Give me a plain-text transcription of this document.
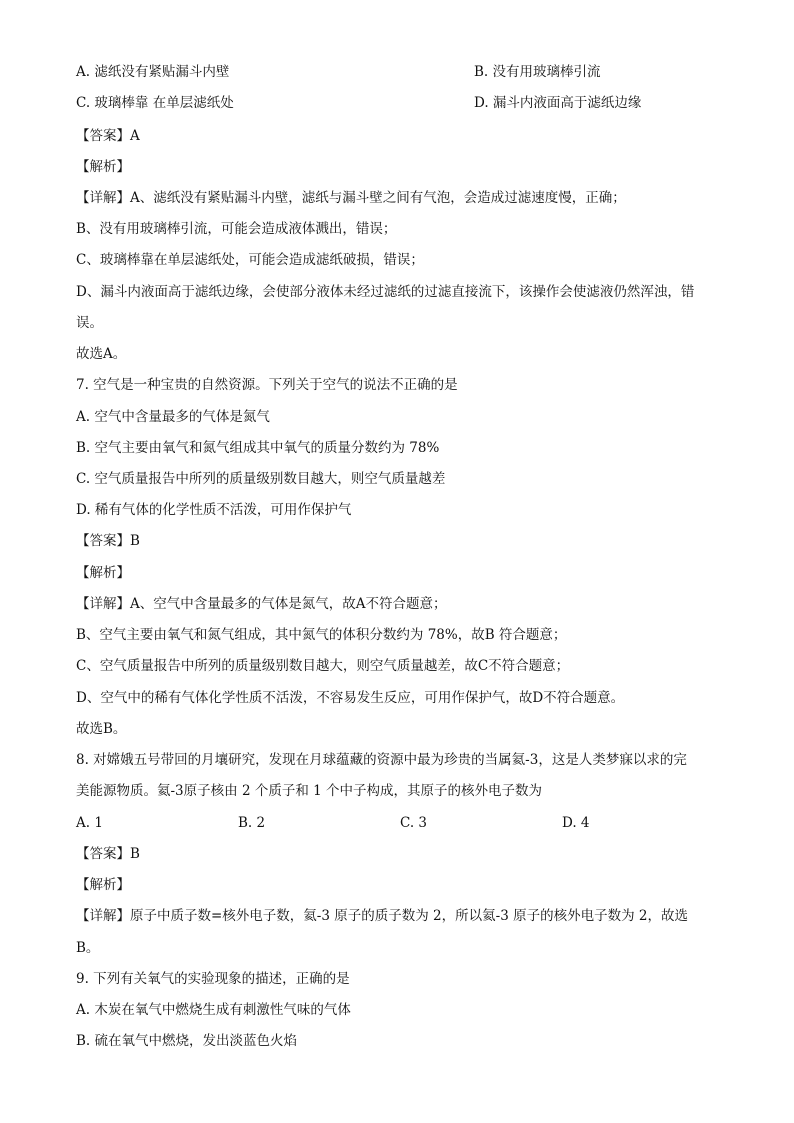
A. 滤纸没有紧贴漏斗内壁	B. 没有用玻璃棒引流
C. 玻璃棒靠 在单层滤纸处	D. 漏斗内液面高于滤纸边缘
【答案】A
【解析】
【详解】A、滤纸没有紧贴漏斗内壁，滤纸与漏斗壁之间有气泡，会造成过滤速度慢，正确；
B、没有用玻璃棒引流，可能会造成液体溅出，错误；
C、玻璃棒靠在单层滤纸处，可能会造成滤纸破损，错误；
D、漏斗内液面高于滤纸边缘，会使部分液体未经过滤纸的过滤直接流下，该操作会使滤液仍然浑浊，错
误。
故选A。
7. 空气是一种宝贵的自然资源。下列关于空气的说法不正确的是
A. 空气中含量最多的气体是氮气
B. 空气主要由氧气和氮气组成其中氧气的质量分数约为 78%
C. 空气质量报告中所列的质量级别数目越大，则空气质量越差
D. 稀有气体的化学性质不活泼，可用作保护气
【答案】B
【解析】
【详解】A、空气中含量最多的气体是氮气，故A不符合题意；
B、空气主要由氧气和氮气组成，其中氮气的体积分数约为 78%，故B 符合题意；
C、空气质量报告中所列的质量级别数目越大，则空气质量越差，故C不符合题意；
D、空气中的稀有气体化学性质不活泼，不容易发生反应，可用作保护气，故D不符合题意。
故选B。
8. 对嫦娥五号带回的月壤研究，发现在月球蕴藏的资源中最为珍贵的当属氦-3，这是人类梦寐以求的完
美能源物质。氦-3原子核由 2 个质子和 1 个中子构成，其原子的核外电子数为
A. 1	B. 2	C. 3	D. 4
【答案】B
【解析】
【详解】原子中质子数=核外电子数，氦-3 原子的质子数为 2，所以氦-3 原子的核外电子数为 2，故选
B。
9. 下列有关氧气的实验现象的描述，正确的是
A. 木炭在氧气中燃烧生成有刺激性气味的气体
B. 硫在氧气中燃烧，发出淡蓝色火焰
